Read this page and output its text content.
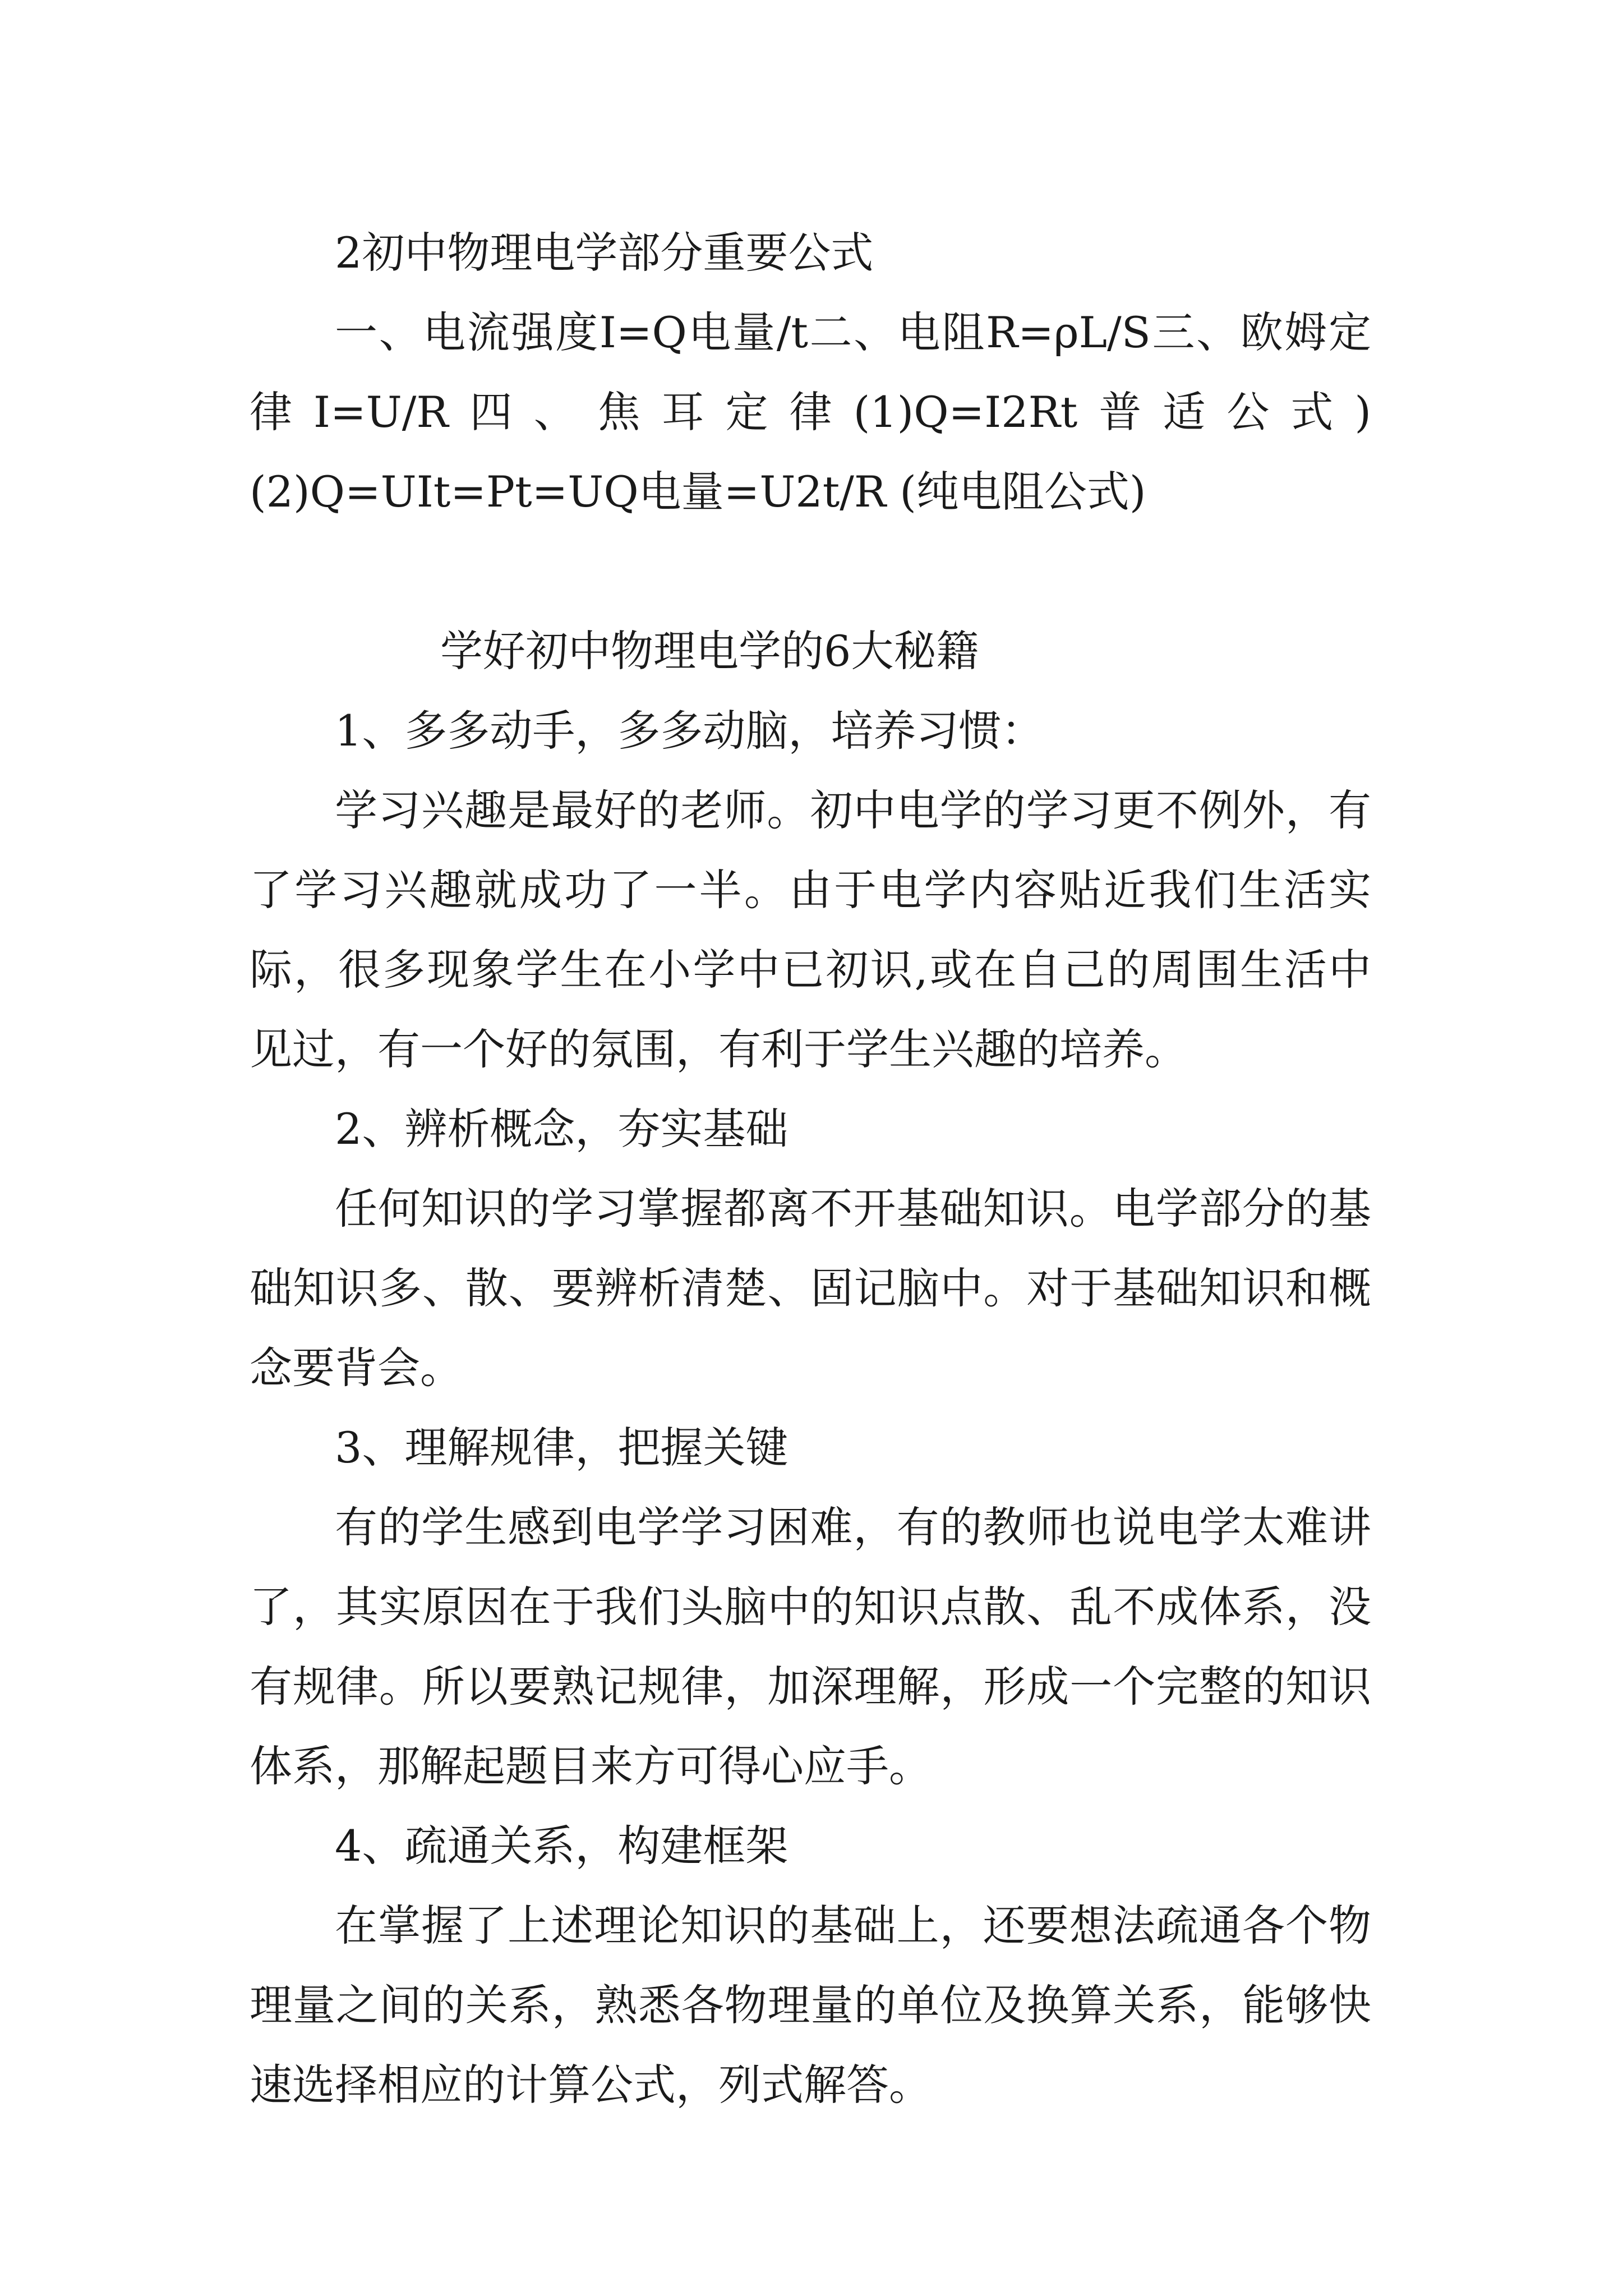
2初中物理电学部分重要公式

一、电流强度I=Q电量/t二、电阻R=ρL/S三、欧姆定律I=U/R四、焦耳定律(1)Q=I2Rt普适公式)(2)Q=UIt=Pt=UQ电量=U2t/R (纯电阻公式)

学好初中物理电学的6大秘籍

1、多多动手，多多动脑，培养习惯：

学习兴趣是最好的老师。初中电学的学习更不例外，有了学习兴趣就成功了一半。由于电学内容贴近我们生活实际，很多现象学生在小学中已初识,或在自己的周围生活中见过，有一个好的氛围，有利于学生兴趣的培养。

2、辨析概念，夯实基础

任何知识的学习掌握都离不开基础知识。电学部分的基础知识多、散、要辨析清楚、固记脑中。对于基础知识和概念要背会。

3、理解规律，把握关键

有的学生感到电学学习困难，有的教师也说电学太难讲了，其实原因在于我们头脑中的知识点散、乱不成体系，没有规律。所以要熟记规律，加深理解，形成一个完整的知识体系，那解起题目来方可得心应手。

4、疏通关系，构建框架

在掌握了上述理论知识的基础上，还要想法疏通各个物理量之间的关系，熟悉各物理量的单位及换算关系，能够快速选择相应的计算公式，列式解答。
